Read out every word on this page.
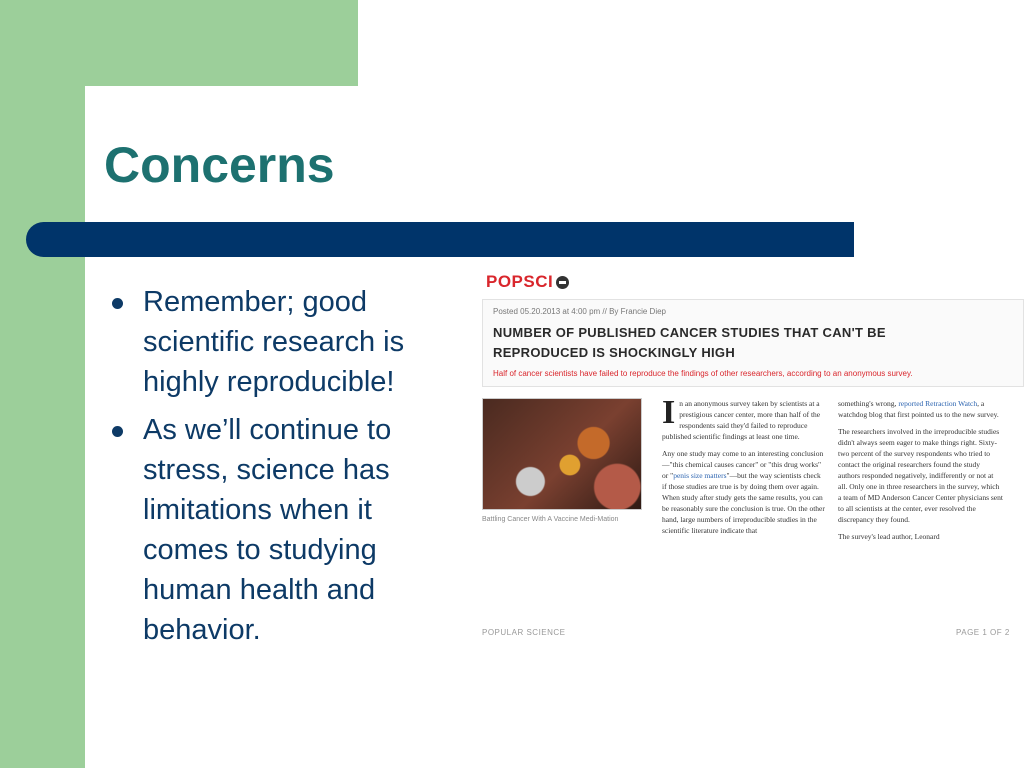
Concerns
Remember; good scientific research is highly reproducible!
As we’ll continue to stress, science has limitations when it comes to studying human health and behavior.
POPSCI
Posted 05.20.2013 at 4:00 pm // By Francie Diep
NUMBER OF PUBLISHED CANCER STUDIES THAT CAN'T BE REPRODUCED IS SHOCKINGLY HIGH
Half of cancer scientists have failed to reproduce the findings of other researchers, according to an anonymous survey.
Battling Cancer With A Vaccine Medi-Mation

I n an anonymous survey taken by scientists at a prestigious cancer center, more than half of the respondents said they'd failed to reproduce published scientific findings at least one time.

Any one study may come to an interesting conclusion—"this chemical causes cancer" or "this drug works" or "penis size matters"—but the way scientists check if those studies are true is by doing them over again. When study after study gets the same results, you can be reasonably sure the conclusion is true. On the other hand, large numbers of irreproducible studies in the scientific literature indicate that

something's wrong, reported Retraction Watch, a watchdog blog that first pointed us to the new survey.

The researchers involved in the irreproducible studies didn't always seem eager to make things right. Sixty-two percent of the survey respondents who tried to contact the original researchers found the study authors responded negatively, indifferently or not at all. Only one in three researchers in the survey, which a team of MD Anderson Cancer Center physicians sent to all scientists at the center, ever resolved the discrepancy they found.

The survey's lead author, Leonard

POPULAR SCIENCE	PAGE 1 OF 2
